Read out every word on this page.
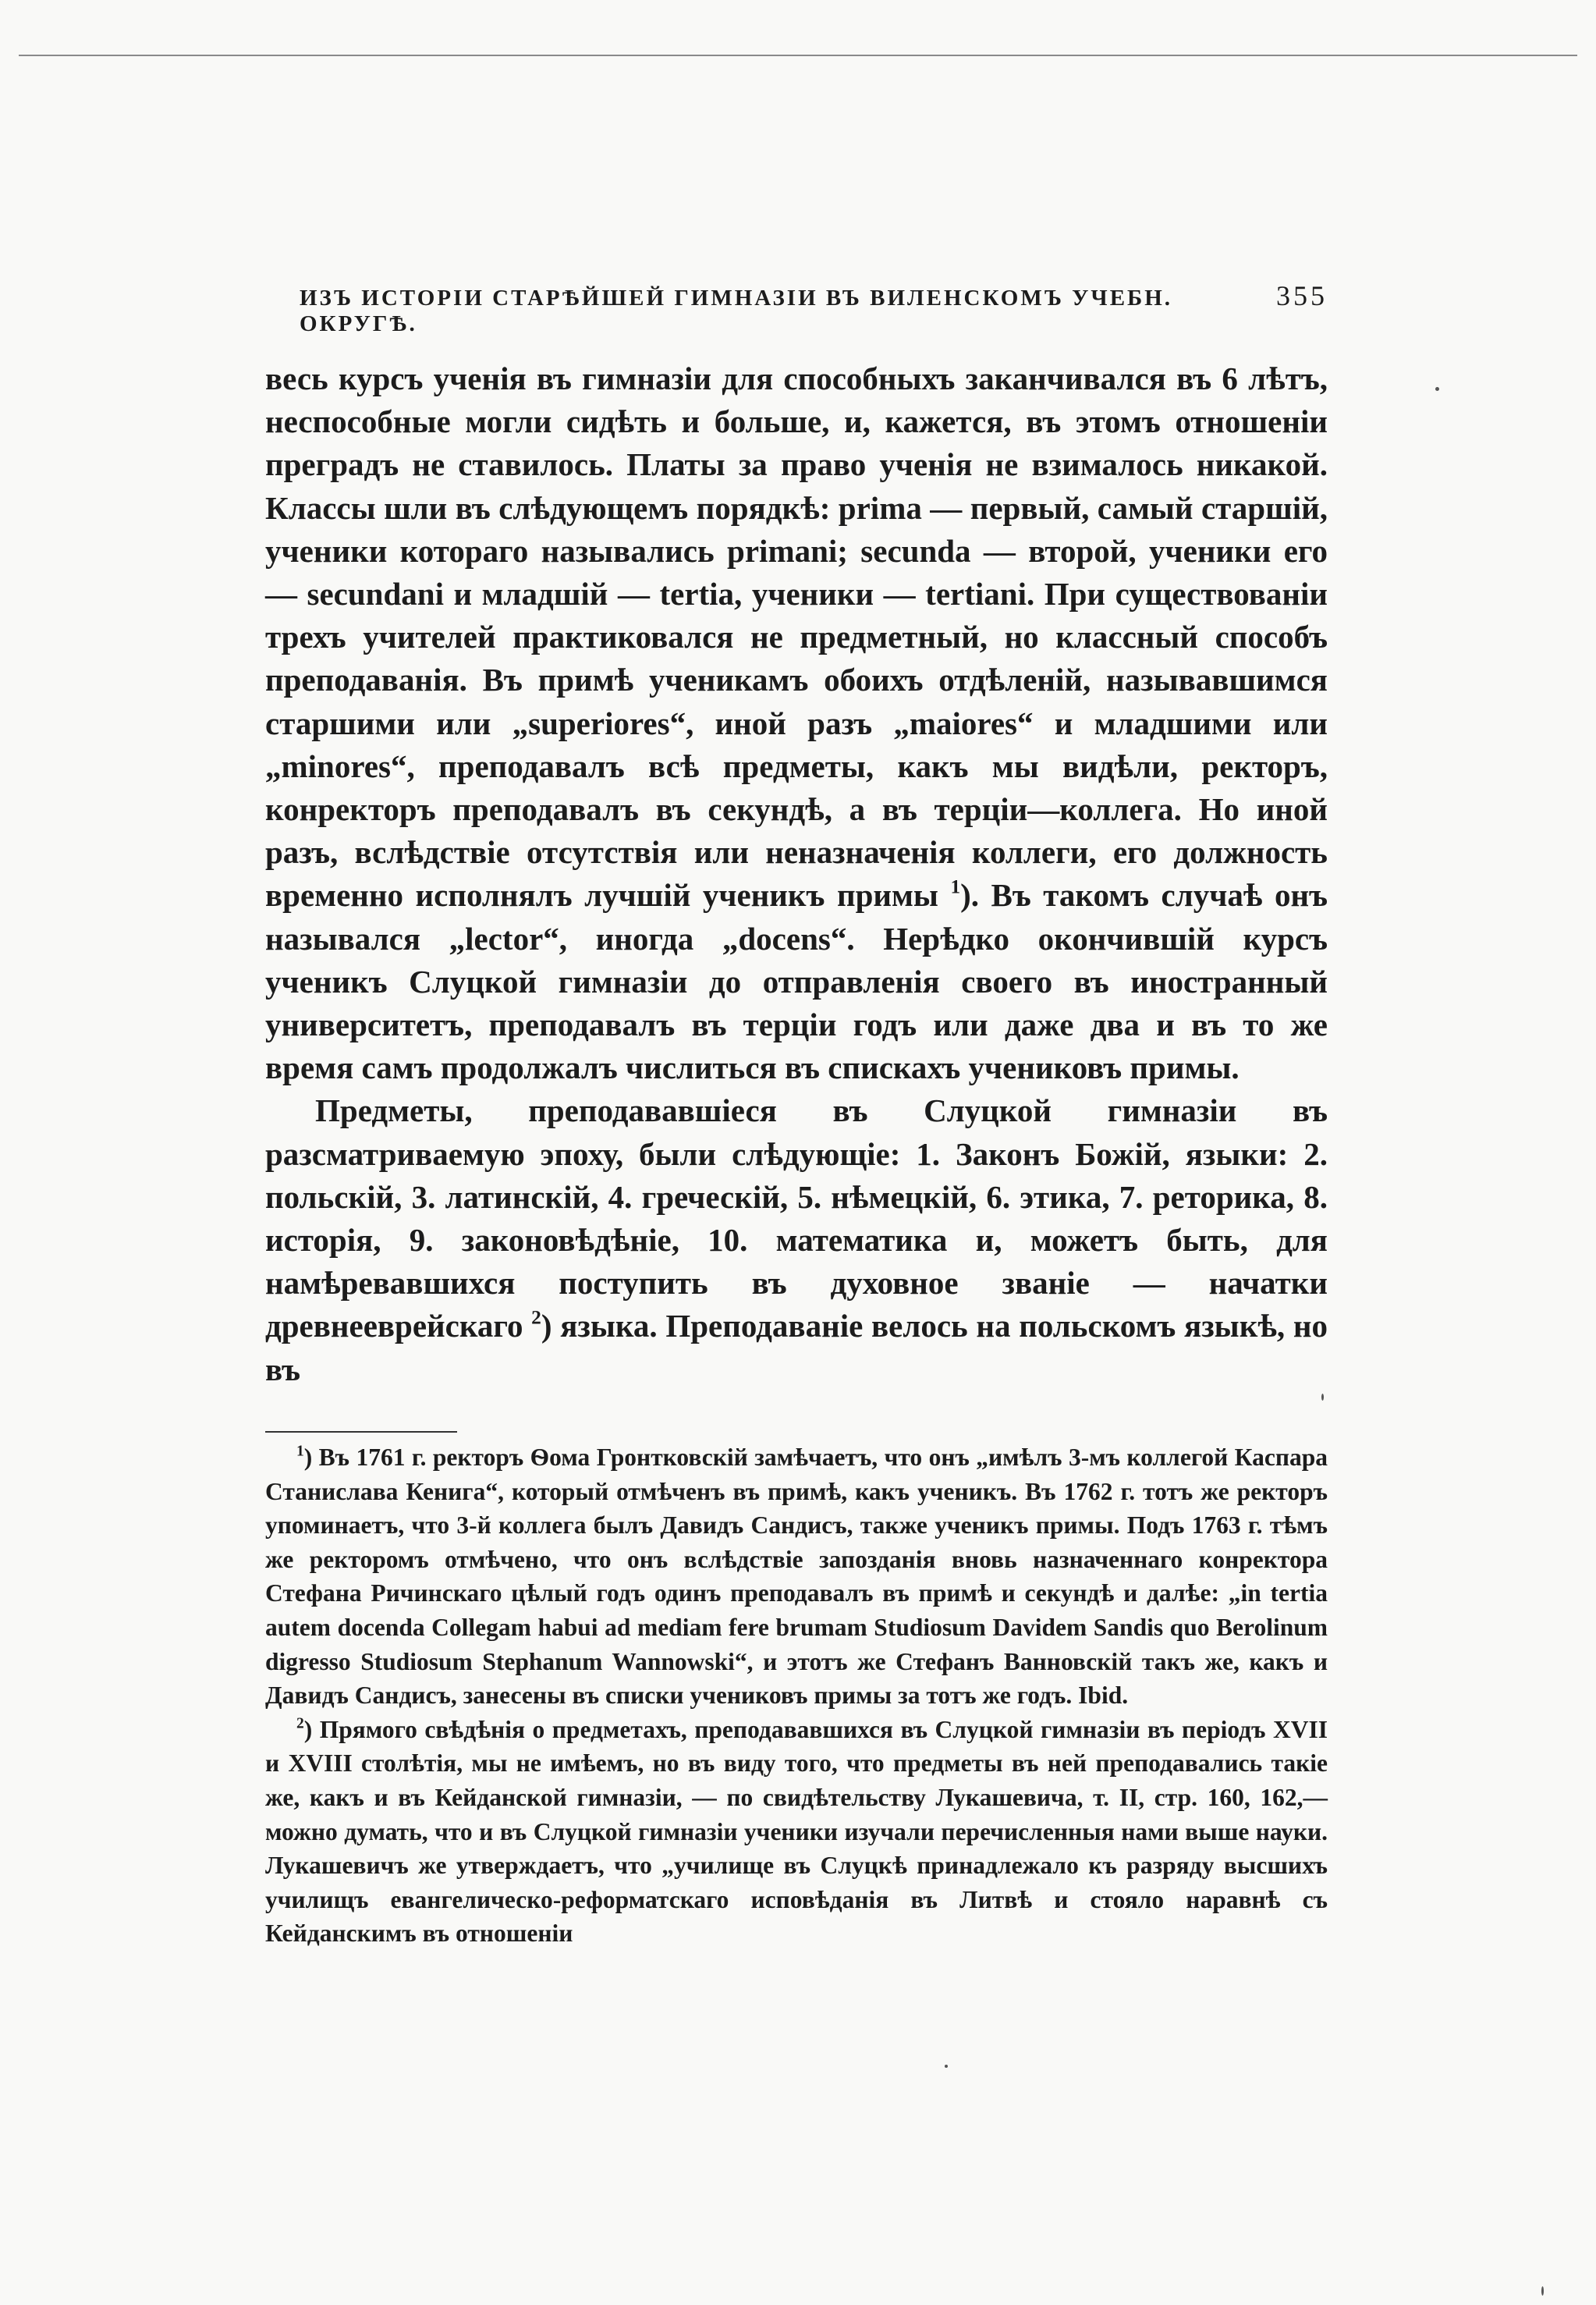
ИЗЪ ИСТОРІИ СТАРѢЙШЕЙ ГИМНАЗІИ ВЪ ВИЛЕНСКОМЪ УЧЕБН. ОКРУГѢ.
355

весь курсъ ученія въ гимназіи для способныхъ заканчивался въ 6 лѣтъ, неспособные могли сидѣть и больше, и, кажется, въ этомъ отношеніи преградъ не ставилось. Платы за право ученія не взималось никакой. Классы шли въ слѣдующемъ порядкѣ: prima — первый, самый старшій, ученики котораго назывались primani; secunda — второй, ученики его — secundani и младшій — tertia, ученики — tertiani. При существованіи трехъ учителей практиковался не предметный, но классный способъ преподаванія. Въ примѣ ученикамъ обоихъ отдѣленій, называвшимся старшими или „superiores“, иной разъ „maiores“ и младшими или „minores“, преподавалъ всѣ предметы, какъ мы видѣли, ректоръ, конректоръ преподавалъ въ секундѣ, а въ терціи—коллега. Но иной разъ, вслѣдствіе отсутствія или неназначенія коллеги, его должность временно исполнялъ лучшій ученикъ примы $^1$). Въ такомъ случаѣ онъ назывался „lector“, иногда „docens“. Нерѣдко окончившій курсъ ученикъ Слуцкой гимназіи до отправленія своего въ иностранный университетъ, преподавалъ въ терціи годъ или даже два и въ то же время самъ продолжалъ числиться въ спискахъ учениковъ примы.

Предметы, преподававшіеся въ Слуцкой гимназіи въ разсматриваемую эпоху, были слѣдующіе: 1. Законъ Божій, языки: 2. польскій, 3. латинскій, 4. греческій, 5. нѣмецкій, 6. этика, 7. реторика, 8. исторія, 9. законовѣдѣніе, 10. математика и, можетъ быть, для намѣревавшихся поступить въ духовное званіе — начатки древнееврейскаго $^2$) языка. Преподаваніе велось на польскомъ языкѣ, но въ

$^1$) Въ 1761 г. ректоръ Ѳома Гронтковскій замѣчаетъ, что онъ „имѣлъ 3-мъ коллегой Каспара Станислава Кенига“, который отмѣченъ въ примѣ, какъ ученикъ. Въ 1762 г. тотъ же ректоръ упоминаетъ, что 3-й коллега былъ Давидъ Сандисъ, также ученикъ примы. Подъ 1763 г. тѣмъ же ректоромъ отмѣчено, что онъ вслѣдствіе запозданія вновь назначеннаго конректора Стефана Ричинскаго цѣлый годъ одинъ преподавалъ въ примѣ и секундѣ и далѣе: „in tertia autem docenda Collegam habui ad mediam fere brumam Studiosum Davidem Sandis quo Berolinum digresso Studiosum Stephanum Wannowski“, и этотъ же Стефанъ Ванновскій такъ же, какъ и Давидъ Сандисъ, занесены въ списки учениковъ примы за тотъ же годъ. Ibid.

$^2$) Прямого свѣдѣнія о предметахъ, преподававшихся въ Слуцкой гимназіи въ періодъ XVII и XVIII столѣтія, мы не имѣемъ, но въ виду того, что предметы въ ней преподавались такіе же, какъ и въ Кейданской гимназіи, — по свидѣтельству Лукашевича, т. II, стр. 160, 162,—можно думать, что и въ Слуцкой гимназіи ученики изучали перечисленныя нами выше науки. Лукашевичъ же утверждаетъ, что „училище въ Слуцкѣ принадлежало къ разряду высшихъ училищъ евангелическо-реформатскаго исповѣданія въ Литвѣ и стояло наравнѣ съ Кейданскимъ въ отношеніи
